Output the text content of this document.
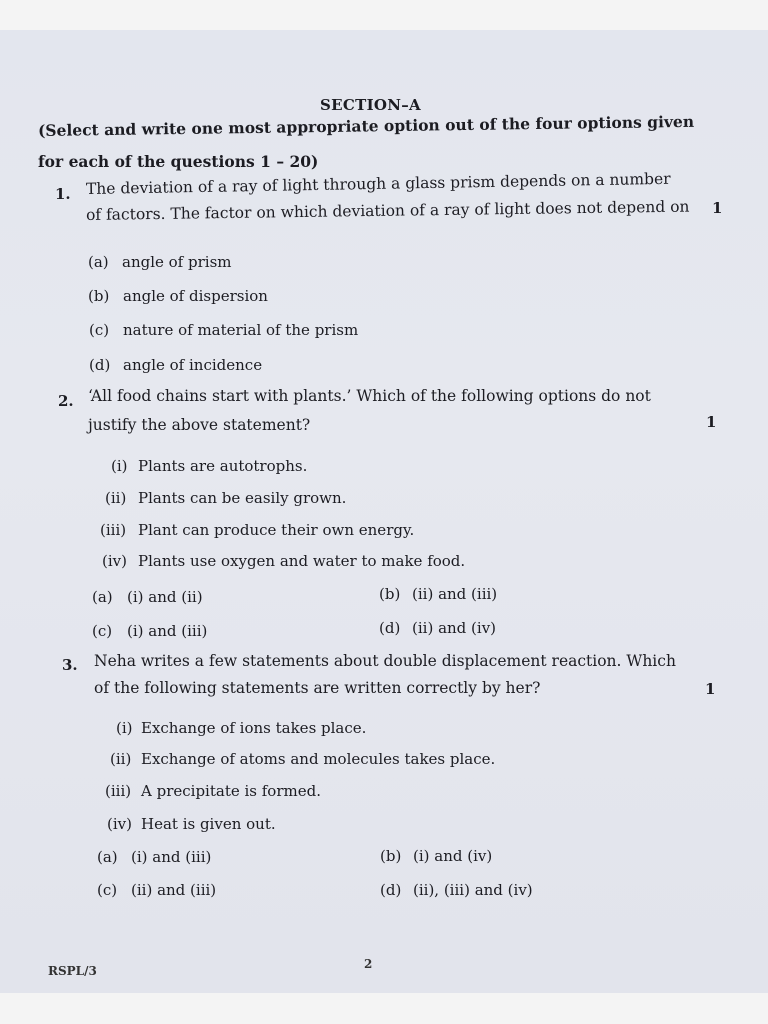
SECTION–A
(Select and write one most appropriate option out of the four options given
for each of the questions 1 – 20)
1. The deviation of a ray of light through a glass prism depends on a number
of factors. The factor on which deviation of a ray of light does not depend on 1
(a) angle of prism
(b) angle of dispersion
(c) nature of material of the prism
(d) angle of incidence
2. ‘All food chains start with plants.’ Which of the following options do not
justify the above statement?	1
(i) Plants are autotrophs.
(ii) Plants can be easily grown.
(iii) Plant can produce their own energy.
(iv) Plants use oxygen and water to make food.
(a) (i) and (ii)	(b) (ii) and (iii)
(c) (i) and (iii)	(d) (ii) and (iv)
3. Neha writes a few statements about double displacement reaction. Which
of the following statements are written correctly by her?	1
(i) Exchange of ions takes place.
(ii) Exchange of atoms and molecules takes place.
(iii) A precipitate is formed.
(iv) Heat is given out.
(a) (i) and (iii)	(b) (i) and (iv)
(c) (ii) and (iii)	(d) (ii), (iii) and (iv)
RSPL/3	2
